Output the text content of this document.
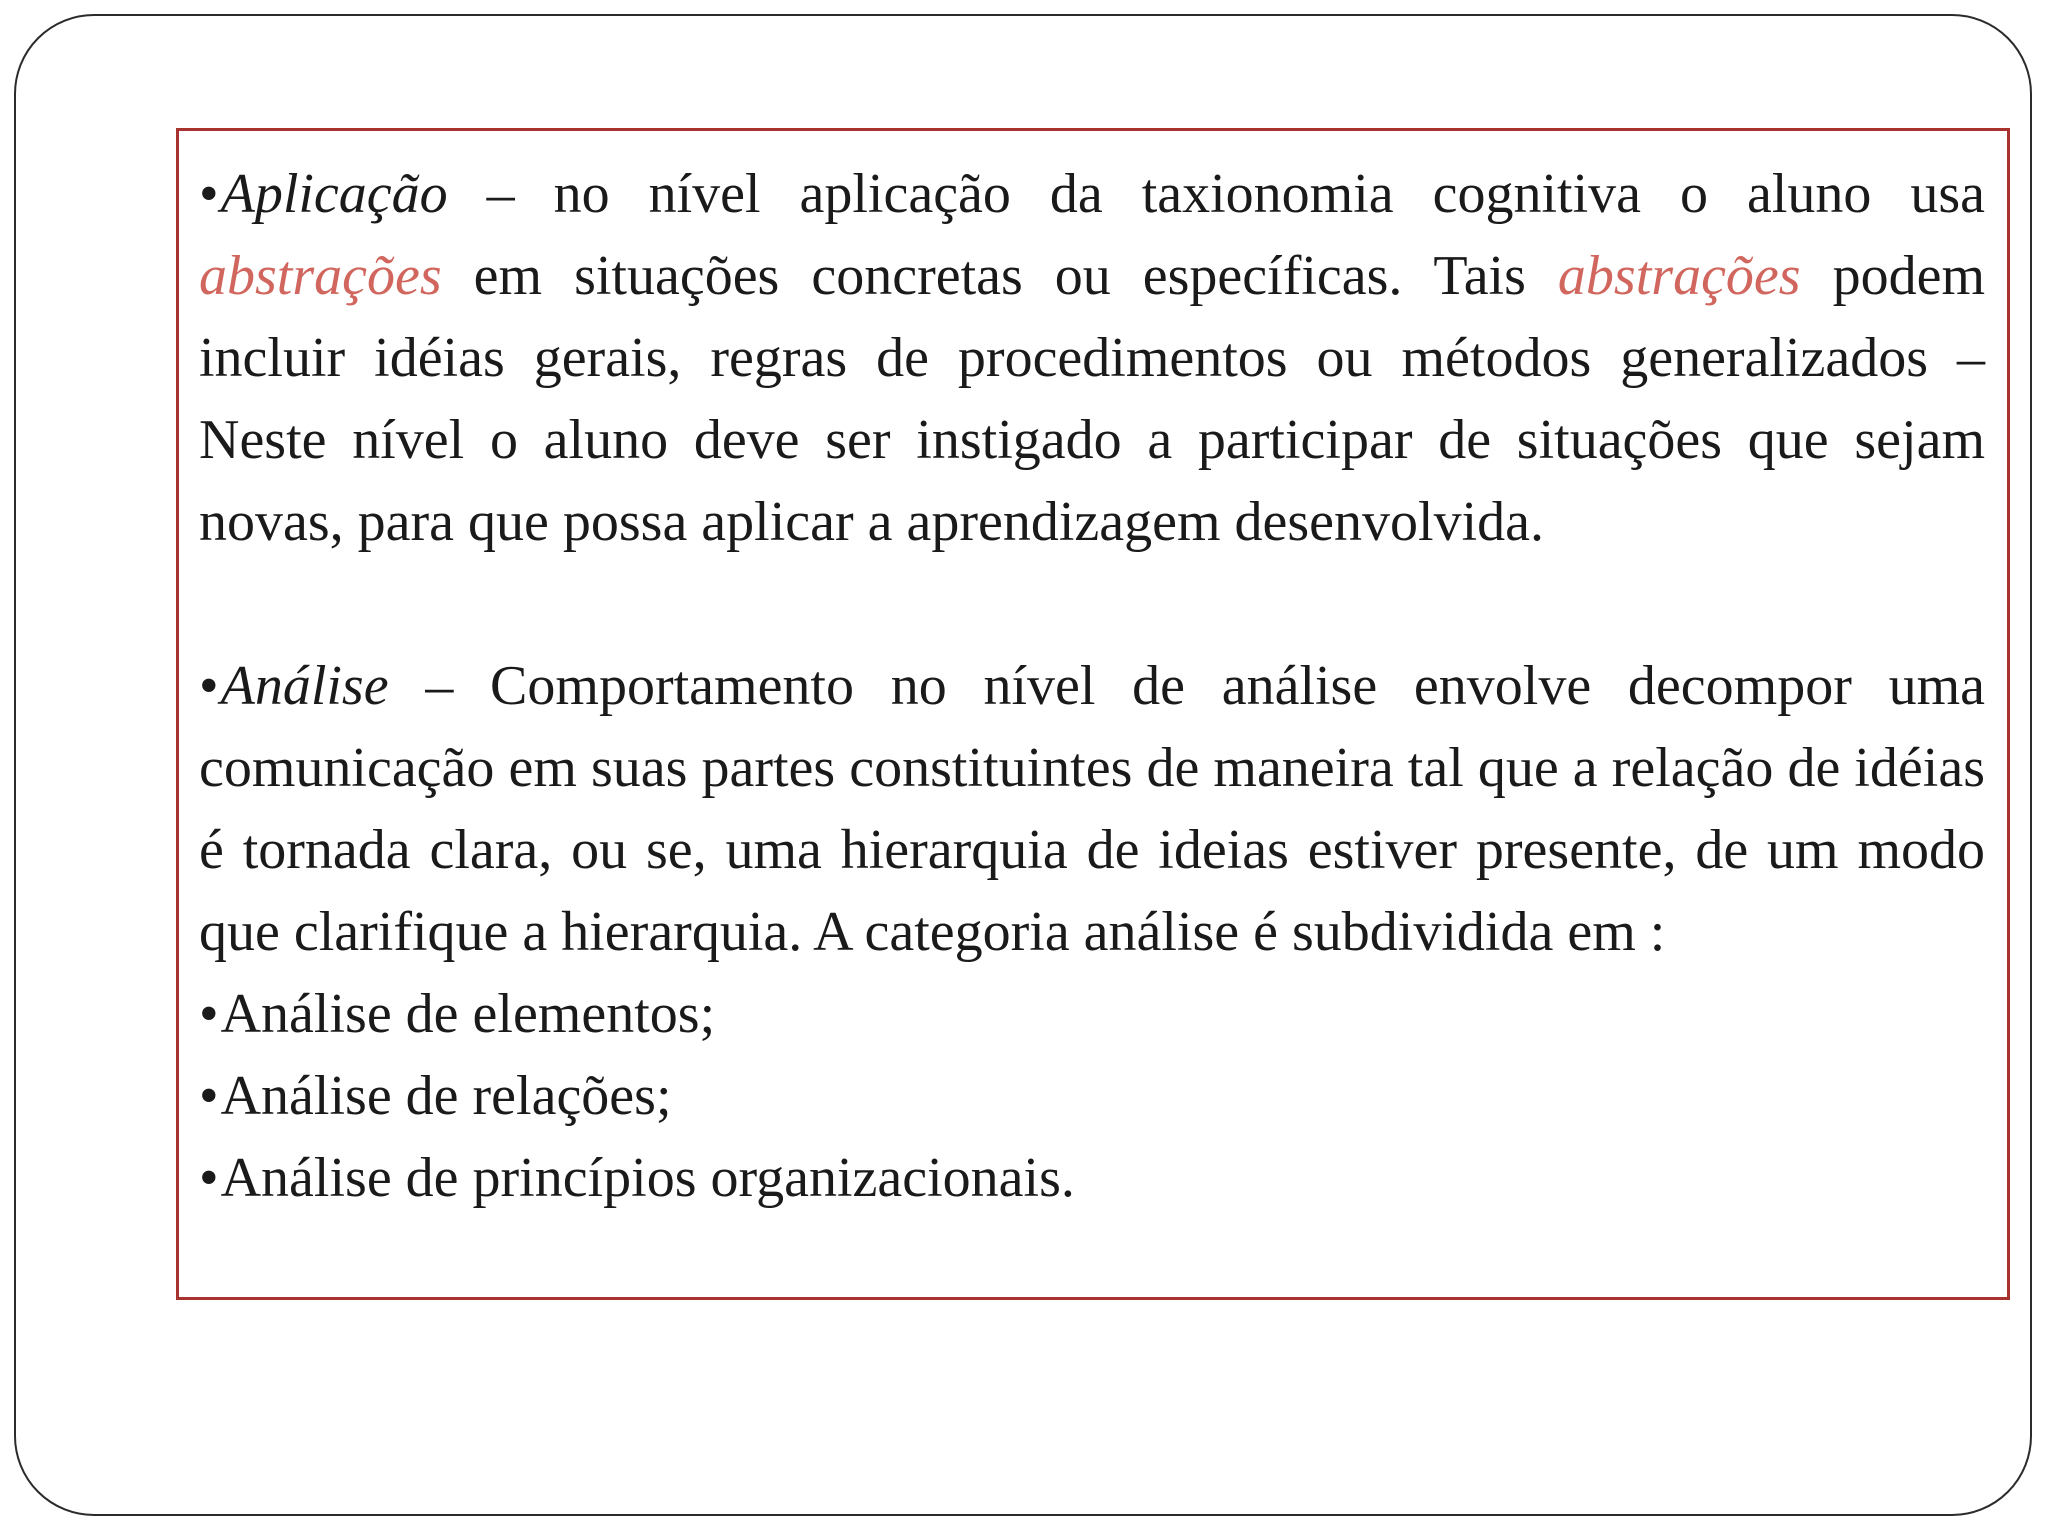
•Aplicação – no nível aplicação da taxionomia cognitiva o aluno usa abstrações em situações concretas ou específicas. Tais abstrações podem incluir idéias gerais, regras de procedimentos ou métodos generalizados – Neste nível o aluno deve ser instigado a participar de situações que sejam novas, para que possa aplicar a aprendizagem desenvolvida.

•Análise – Comportamento no nível de análise envolve decompor uma comunicação em suas partes constituintes de maneira tal que a relação de idéias é tornada clara, ou se, uma hierarquia de ideias estiver presente, de um modo que clarifique a hierarquia. A categoria análise é subdividida em :

•Análise de elementos;

•Análise de relações;

•Análise de princípios organizacionais.
